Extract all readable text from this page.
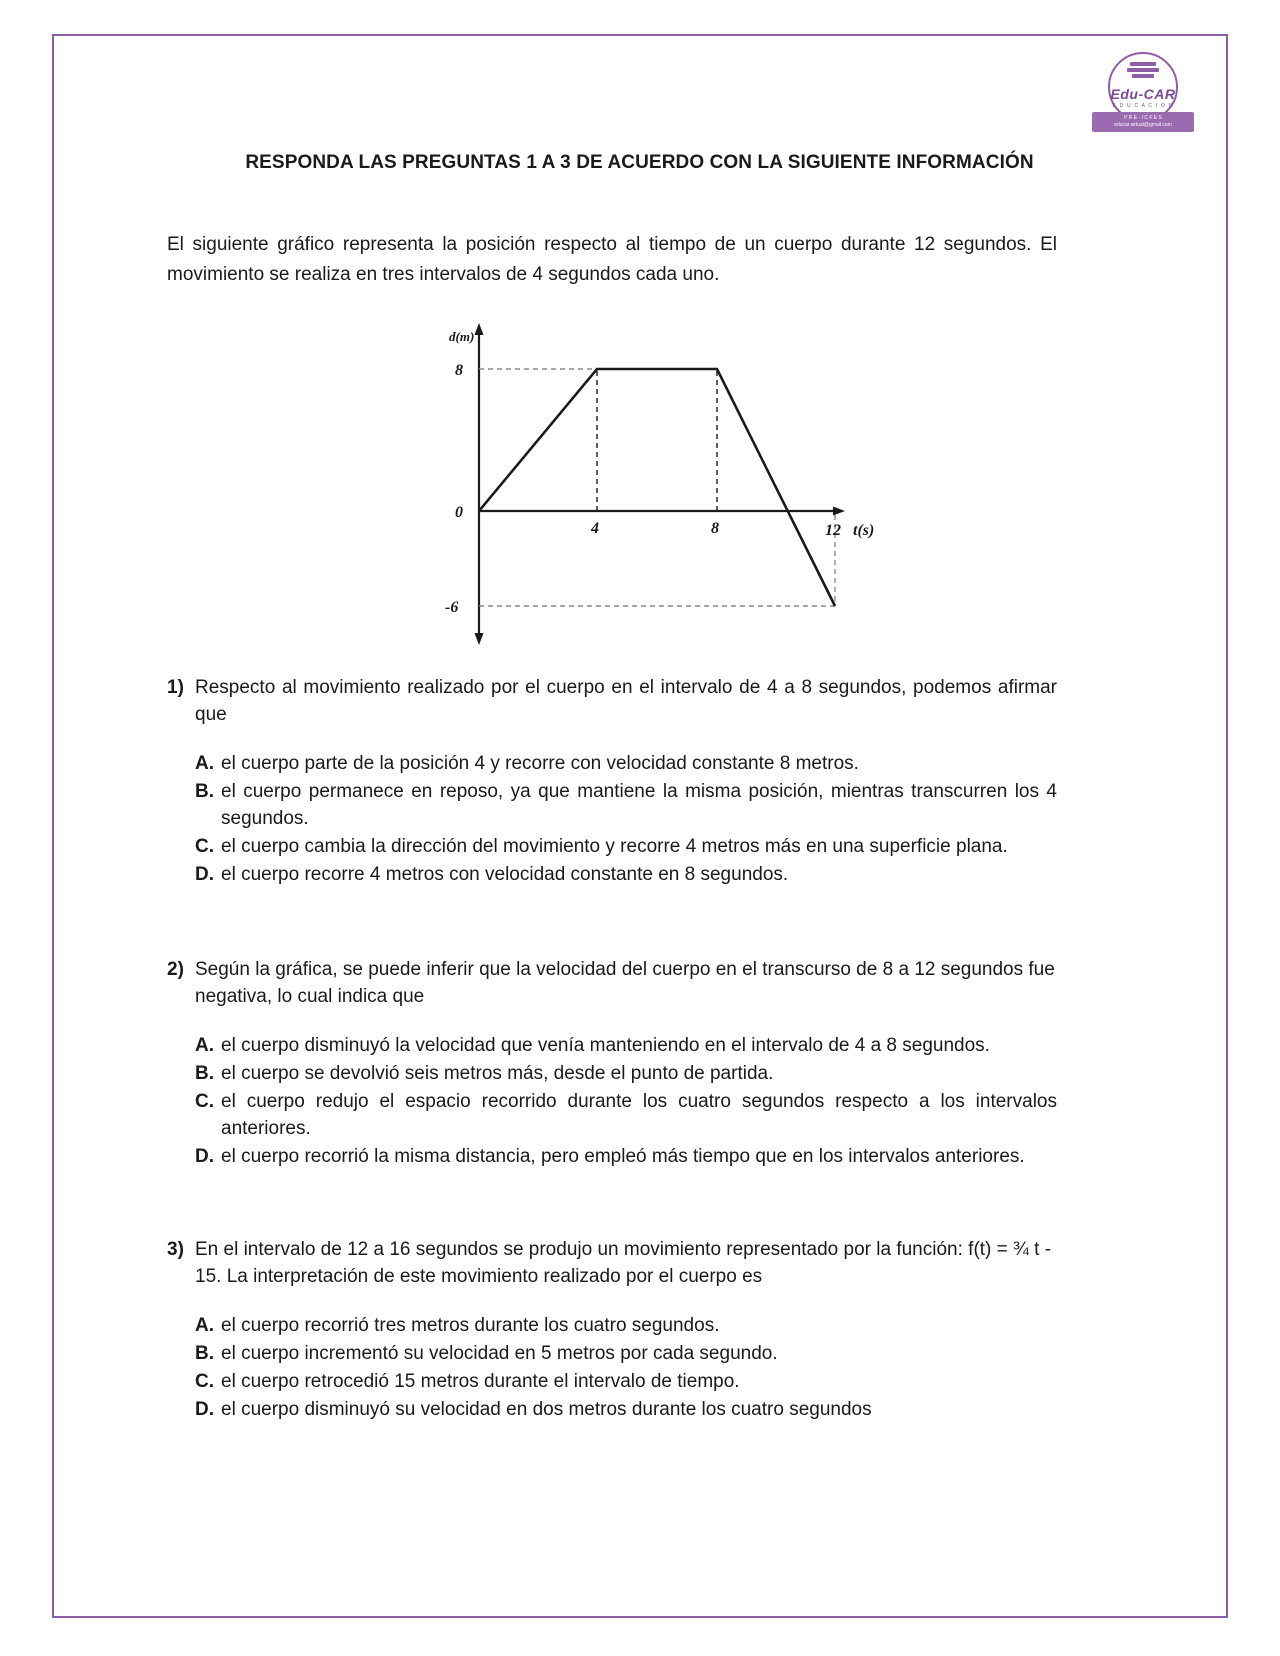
Edu-CAR
E D U C A C I O N
P R E - I C F E S
educar.virtual@gmail.com
RESPONDA LAS PREGUNTAS 1 A 3 DE ACUERDO CON LA SIGUIENTE INFORMACIÓN
El siguiente gráfico representa la posición respecto al tiempo de un cuerpo durante 12 segundos. El movimiento se realiza en tres intervalos de 4 segundos cada uno.
d(m)
8
0
-6
4	8	12 t(s)
1) Respecto al movimiento realizado por el cuerpo en el intervalo de 4 a 8 segundos, podemos afirmar que
A. el cuerpo parte de la posición 4 y recorre con velocidad constante 8 metros.
B. el cuerpo permanece en reposo, ya que mantiene la misma posición, mientras transcurren los 4 segundos.
C. el cuerpo cambia la dirección del movimiento y recorre 4 metros más en una superficie plana.
D. el cuerpo recorre 4 metros con velocidad constante en 8 segundos.
2) Según la gráfica, se puede inferir que la velocidad del cuerpo en el transcurso de 8 a 12 segundos fue negativa, lo cual indica que
A. el cuerpo disminuyó la velocidad que venía manteniendo en el intervalo de 4 a 8 segundos.
B. el cuerpo se devolvió seis metros más, desde el punto de partida.
C. el cuerpo redujo el espacio recorrido durante los cuatro segundos respecto a los intervalos anteriores.
D. el cuerpo recorrió la misma distancia, pero empleó más tiempo que en los intervalos anteriores.
3) En el intervalo de 12 a 16 segundos se produjo un movimiento representado por la función: f(t) = ¾ t - 15. La interpretación de este movimiento realizado por el cuerpo es
A. el cuerpo recorrió tres metros durante los cuatro segundos.
B. el cuerpo incrementó su velocidad en 5 metros por cada segundo.
C. el cuerpo retrocedió 15 metros durante el intervalo de tiempo.
D. el cuerpo disminuyó su velocidad en dos metros durante los cuatro segundos
